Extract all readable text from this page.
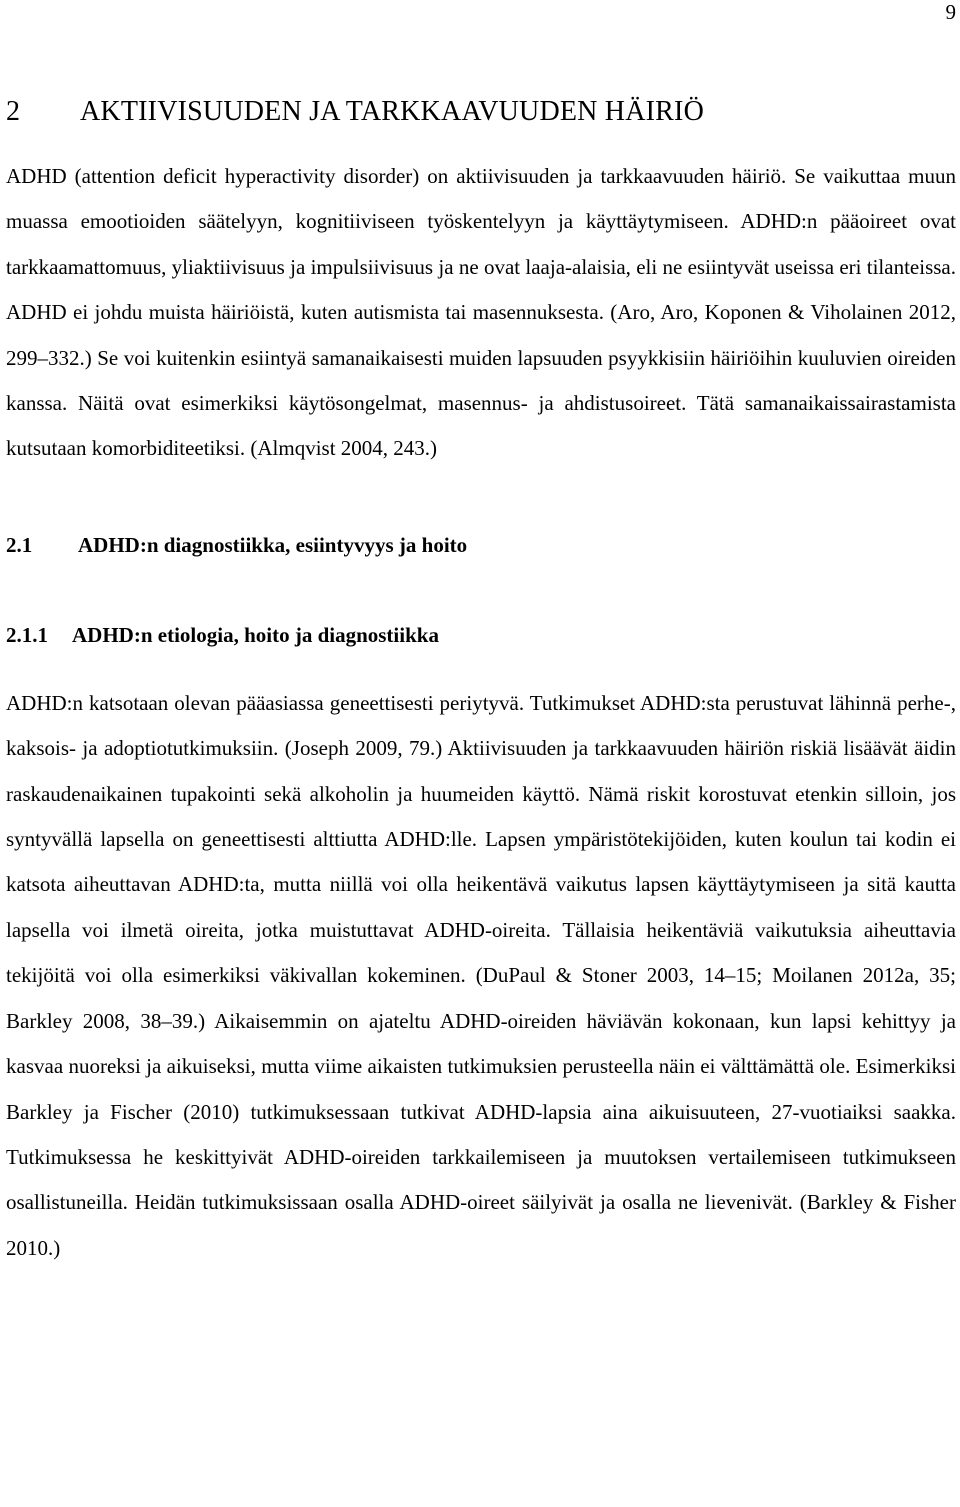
9
2	AKTIIVISUUDEN JA TARKKAAVUUDEN HÄIRIÖ

ADHD (attention deficit hyperactivity disorder) on aktiivisuuden ja tarkkaavuuden häiriö. Se vaikuttaa muun muassa emootioiden säätelyyn, kognitiiviseen työskentelyyn ja käyttäytymiseen. ADHD:n pääoireet ovat tarkkaamattomuus, yliaktiivisuus ja impulsiivisuus ja ne ovat laaja-alaisia, eli ne esiintyvät useissa eri tilanteissa. ADHD ei johdu muista häiriöistä, kuten autismista tai masennuksesta. (Aro, Aro, Koponen & Viholainen 2012, 299–332.) Se voi kuitenkin esiintyä samanaikaisesti muiden lapsuuden psyykkisiin häiriöihin kuuluvien oireiden kanssa. Näitä ovat esimerkiksi käytösongelmat, masennus- ja ahdistusoireet. Tätä samanaikaissairastamista kutsutaan komorbiditeetiksi. (Almqvist 2004, 243.)

2.1	ADHD:n diagnostiikka, esiintyvyys ja hoito
2.1.1	ADHD:n etiologia, hoito ja diagnostiikka

ADHD:n katsotaan olevan pääasiassa geneettisesti periytyvä. Tutkimukset ADHD:sta perustuvat lähinnä perhe-, kaksois- ja adoptiotutkimuksiin. (Joseph 2009, 79.) Aktiivisuuden ja tarkkaavuuden häiriön riskiä lisäävät äidin raskaudenaikainen tupakointi sekä alkoholin ja huumeiden käyttö. Nämä riskit korostuvat etenkin silloin, jos syntyvällä lapsella on geneettisesti alttiutta ADHD:lle. Lapsen ympäristötekijöiden, kuten koulun tai kodin ei katsota aiheuttavan ADHD:ta, mutta niillä voi olla heikentävä vaikutus lapsen käyttäytymiseen ja sitä kautta lapsella voi ilmetä oireita, jotka muistuttavat ADHD-oireita. Tällaisia heikentäviä vaikutuksia aiheuttavia tekijöitä voi olla esimerkiksi väkivallan kokeminen. (DuPaul & Stoner 2003, 14–15; Moilanen 2012a, 35; Barkley 2008, 38–39.) Aikaisemmin on ajateltu ADHD-oireiden häviävän kokonaan, kun lapsi kehittyy ja kasvaa nuoreksi ja aikuiseksi, mutta viime aikaisten tutkimuksien perusteella näin ei välttämättä ole. Esimerkiksi Barkley ja Fischer (2010) tutkimuksessaan tutkivat ADHD-lapsia aina aikuisuuteen, 27-vuotiaiksi saakka. Tutkimuksessa he keskittyivät ADHD-oireiden tarkkailemiseen ja muutoksen vertailemiseen tutkimukseen osallistuneilla. Heidän tutkimuksissaan osalla ADHD-oireet säilyivät ja osalla ne lievenivät. (Barkley & Fisher 2010.)
